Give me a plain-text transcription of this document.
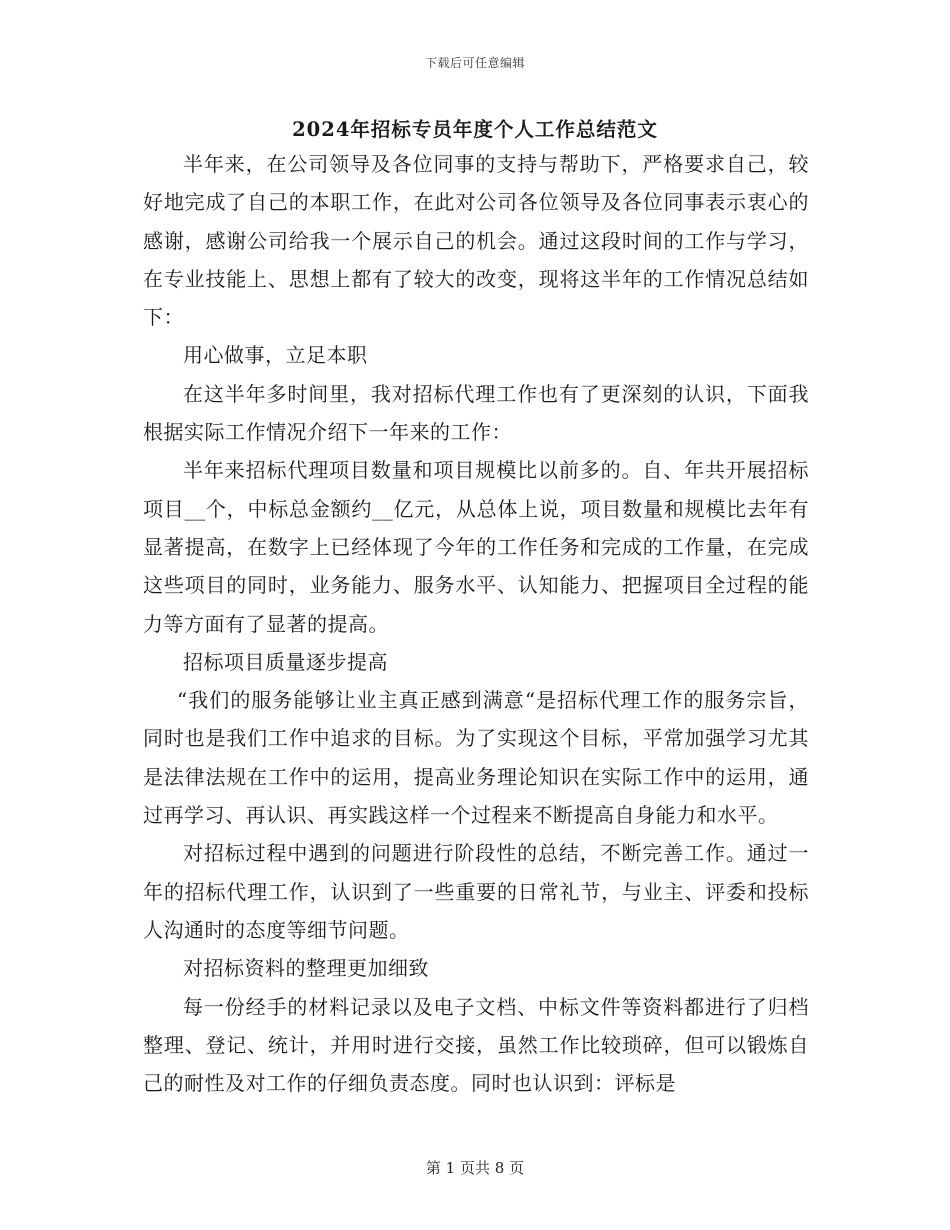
下载后可任意编辑
2024年招标专员年度个人工作总结范文

半年来，在公司领导及各位同事的支持与帮助下，严格要求自己，较好地完成了自己的本职工作，在此对公司各位领导及各位同事表示衷心的感谢，感谢公司给我一个展示自己的机会。通过这段时间的工作与学习，在专业技能上、思想上都有了较大的改变，现将这半年的工作情况总结如下：

用心做事，立足本职

在这半年多时间里，我对招标代理工作也有了更深刻的认识，下面我根据实际工作情况介绍下一年来的工作：

半年来招标代理项目数量和项目规模比以前多的。自、年共开展招标项目__个，中标总金额约__亿元，从总体上说，项目数量和规模比去年有显著提高，在数字上已经体现了今年的工作任务和完成的工作量，在完成这些项目的同时，业务能力、服务水平、认知能力、把握项目全过程的能力等方面有了显著的提高。

招标项目质量逐步提高

“我们的服务能够让业主真正感到满意“是招标代理工作的服务宗旨，同时也是我们工作中追求的目标。为了实现这个目标，平常加强学习尤其是法律法规在工作中的运用，提高业务理论知识在实际工作中的运用，通过再学习、再认识、再实践这样一个过程来不断提高自身能力和水平。

对招标过程中遇到的问题进行阶段性的总结，不断完善工作。通过一年的招标代理工作，认识到了一些重要的日常礼节，与业主、评委和投标人沟通时的态度等细节问题。

对招标资料的整理更加细致

每一份经手的材料记录以及电子文档、中标文件等资料都进行了归档整理、登记、统计，并用时进行交接，虽然工作比较琐碎，但可以锻炼自己的耐性及对工作的仔细负责态度。同时也认识到：评标是

第 1 页共 8 页
